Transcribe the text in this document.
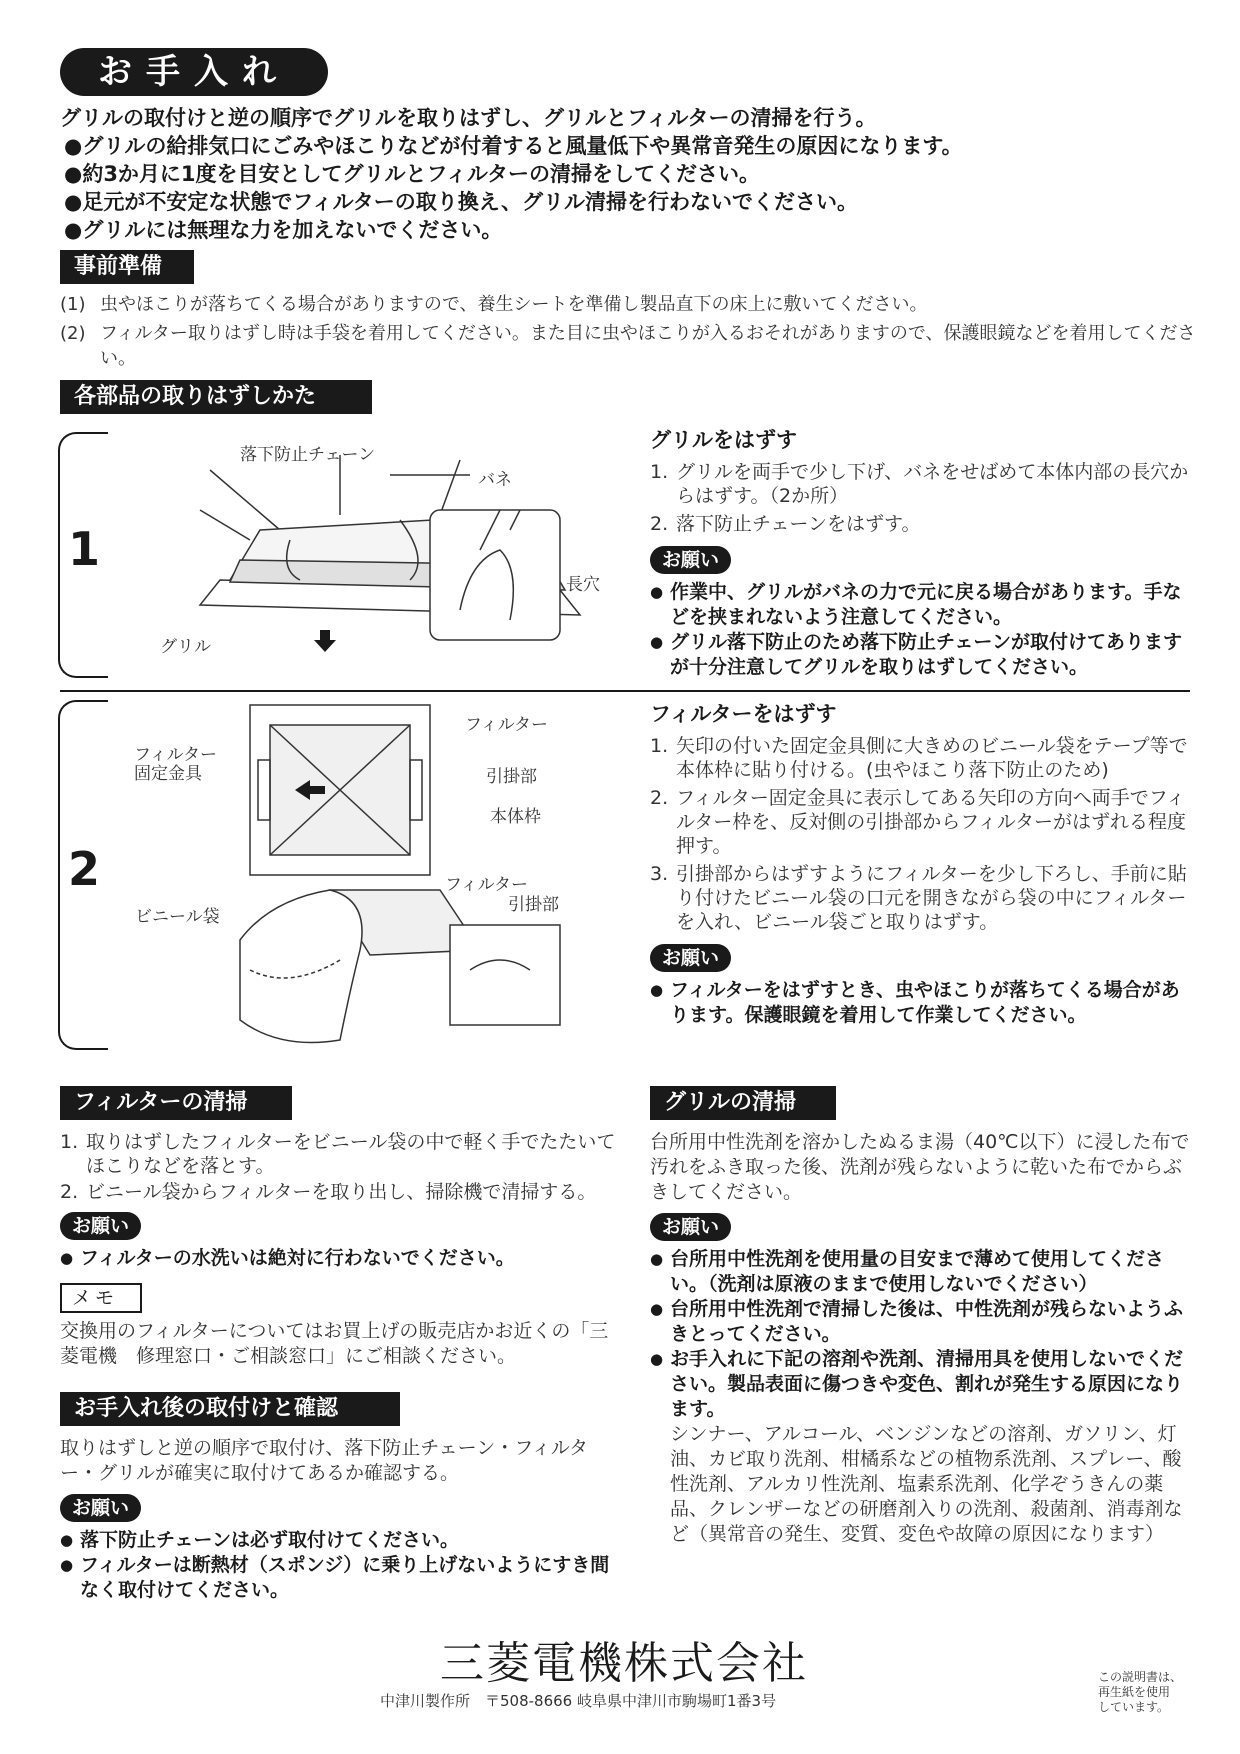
お手入れ
グリルの取付けと逆の順序でグリルを取りはずし、グリルとフィルターの清掃を行う。
●グリルの給排気口にごみやほこりなどが付着すると風量低下や異常音発生の原因になります。
●約3か月に1度を目安としてグリルとフィルターの清掃をしてください。
●足元が不安定な状態でフィルターの取り換え、グリル清掃を行わないでください。
●グリルには無理な力を加えないでください。
事前準備
(1) 虫やほこりが落ちてくる場合がありますので、養生シートを準備し製品直下の床上に敷いてください。
(2) フィルター取りはずし時は手袋を着用してください。また目に虫やほこりが入るおそれがありますので、保護眼鏡などを着用してください。
各部品の取りはずしかた
1
落下防止チェーン
バネ
長穴
グリル
グリルをはずす
1. グリルを両手で少し下げ、バネをせばめて本体内部の長穴からはずす。（2か所）
2. 落下防止チェーンをはずす。
お願い
● 作業中、グリルがバネの力で元に戻る場合があります。手などを挟まれないよう注意してください。
● グリル落下防止のため落下防止チェーンが取付けてありますが十分注意してグリルを取りはずしてください。
2
フィルター
フィルター
固定金具	引掛部
本体枠
フィルター
ビニール袋
引掛部
フィルターをはずす
1. 矢印の付いた固定金具側に大きめのビニール袋をテープ等で本体枠に貼り付ける。(虫やほこり落下防止のため)
2. フィルター固定金具に表示してある矢印の方向へ両手でフィルター枠を、反対側の引掛部からフィルターがはずれる程度押す。
3. 引掛部からはずすようにフィルターを少し下ろし、手前に貼り付けたビニール袋の口元を開きながら袋の中にフィルターを入れ、ビニール袋ごと取りはずす。
お願い
● フィルターをはずすとき、虫やほこりが落ちてくる場合があります。保護眼鏡を着用して作業してください。
フィルターの清掃
1. 取りはずしたフィルターをビニール袋の中で軽く手でたたいてほこりなどを落とす。
2. ビニール袋からフィルターを取り出し、掃除機で清掃する。
お願い
● フィルターの水洗いは絶対に行わないでください。
メモ
交換用のフィルターについてはお買上げの販売店かお近くの「三菱電機　修理窓口・ご相談窓口」にご相談ください。
お手入れ後の取付けと確認
取りはずしと逆の順序で取付け、落下防止チェーン・フィルター・グリルが確実に取付けてあるか確認する。
お願い
● 落下防止チェーンは必ず取付けてください。
● フィルターは断熱材（スポンジ）に乗り上げないようにすき間なく取付けてください。
グリルの清掃
台所用中性洗剤を溶かしたぬるま湯（40℃以下）に浸した布で汚れをふき取った後、洗剤が残らないように乾いた布でからぶきしてください。
お願い
● 台所用中性洗剤を使用量の目安まで薄めて使用してください。（洗剤は原液のままで使用しないでください）
● 台所用中性洗剤で清掃した後は、中性洗剤が残らないようふきとってください。
● お手入れに下記の溶剤や洗剤、清掃用具を使用しないでください。製品表面に傷つきや変色、割れが発生する原因になります。
シンナー、アルコール、ベンジンなどの溶剤、ガソリン、灯油、カビ取り洗剤、柑橘系などの植物系洗剤、スプレー、酸性洗剤、アルカリ性洗剤、塩素系洗剤、化学ぞうきんの薬品、クレンザーなどの研磨剤入りの洗剤、殺菌剤、消毒剤など（異常音の発生、変質、変色や故障の原因になります）
三菱電機株式会社
中津川製作所　〒508-8666 岐阜県中津川市駒場町1番3号
この説明書は、
再生紙を使用
しています。
